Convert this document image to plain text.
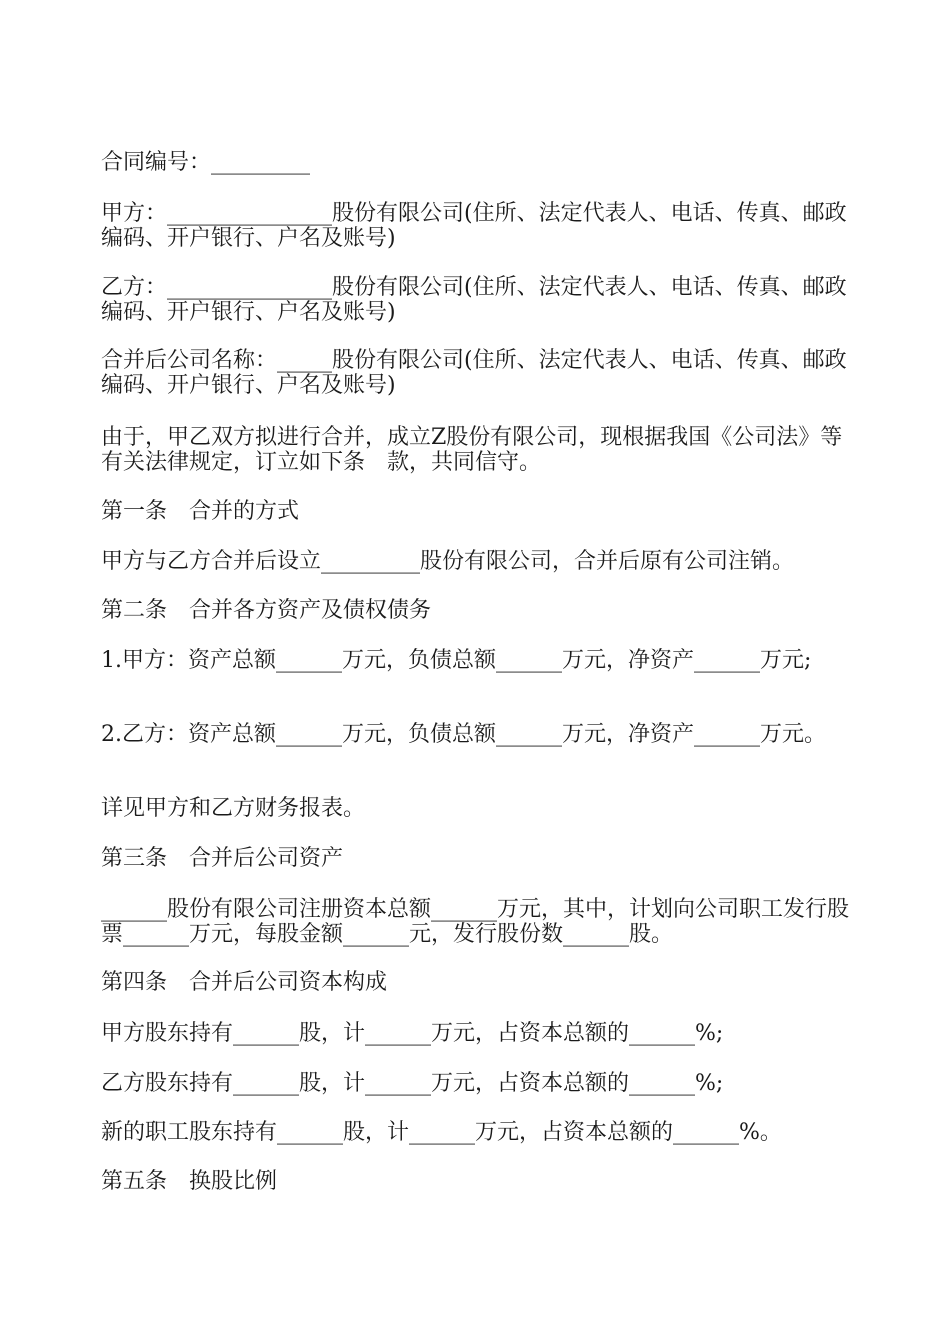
合同编号：_________

甲方：_______________股份有限公司(住所、法定代表人、电话、传真、邮政编码、开户银行、户名及账号)

乙方：_______________股份有限公司(住所、法定代表人、电话、传真、邮政编码、开户银行、户名及账号)

合并后公司名称：_____股份有限公司(住所、法定代表人、电话、传真、邮政编码、开户银行、户名及账号)

由于，甲乙双方拟进行合并，成立Z股份有限公司，现根据我国《公司法》等有关法律规定，订立如下条　款，共同信守。

第一条　合并的方式

甲方与乙方合并后设立_________股份有限公司，合并后原有公司注销。

第二条　合并各方资产及债权债务

1.甲方：资产总额______万元，负债总额______万元，净资产______万元;

2.乙方：资产总额______万元，负债总额______万元，净资产______万元。

详见甲方和乙方财务报表。

第三条　合并后公司资产

______股份有限公司注册资本总额______万元，其中，计划向公司职工发行股票______万元，每股金额______元，发行股份数______股。

第四条　合并后公司资本构成

甲方股东持有______股，计______万元，占资本总额的______%;

乙方股东持有______股，计______万元，占资本总额的______%;

新的职工股东持有______股，计______万元，占资本总额的______%。

第五条　换股比例
